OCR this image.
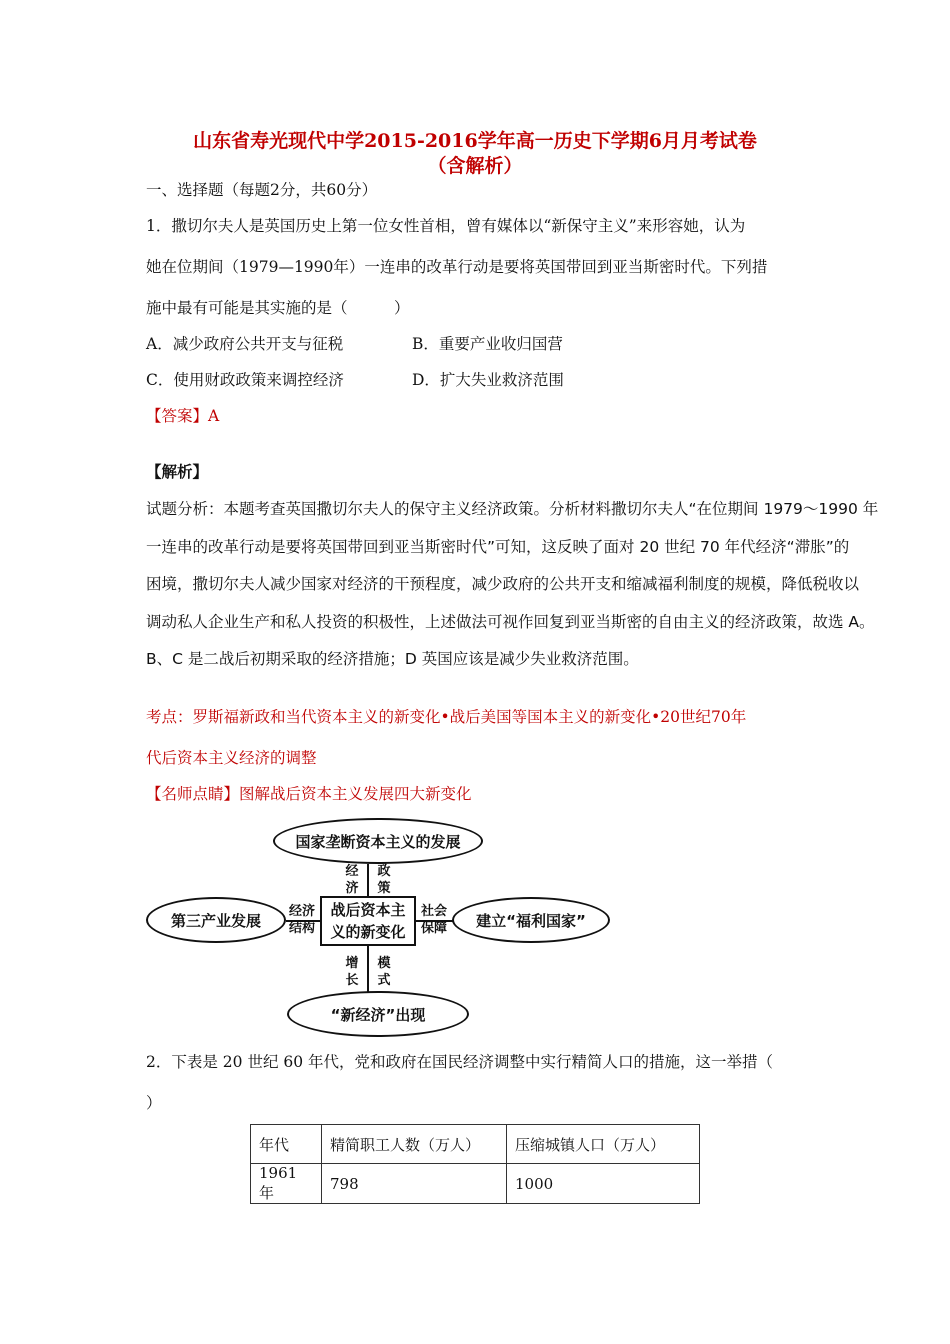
山东省寿光现代中学2015-2016学年高一历史下学期6月月考试卷
（含解析）
一、选择题（每题2分，共60分）
1．撒切尔夫人是英国历史上第一位女性首相，曾有媒体以“新保守主义”来形容她，认为
她在位期间（1979—1990年）一连串的改革行动是要将英国带回到亚当斯密时代。下列措
施中最有可能是其实施的是（　　　）
A．减少政府公共开支与征税	B．重要产业收归国营
C．使用财政政策来调控经济	D．扩大失业救济范围
【答案】A
【解析】
试题分析：本题考查英国撒切尔夫人的保守主义经济政策。分析材料撒切尔夫人“在位期间 1979～1990 年
一连串的改革行动是要将英国带回到亚当斯密时代”可知，这反映了面对 20 世纪 70 年代经济“滞胀”的
困境，撒切尔夫人减少国家对经济的干预程度，减少政府的公共开支和缩减福利制度的规模，降低税收以
调动私人企业生产和私人投资的积极性，上述做法可视作回复到亚当斯密的自由主义的经济政策，故选 A。
B、C 是二战后初期采取的经济措施；D 英国应该是减少失业救济范围。
考点：罗斯福新政和当代资本主义的新变化•战后美国等国本主义的新变化•20世纪70年
代后资本主义经济的调整
【名师点睛】图解战后资本主义发展四大新变化
国家垄断资本主义的发展
第三产业发展	建立“福利国家”
“新经济”出现
战后资本主
义的新变化
经
济
政
策
经济
结构
社会
保障
增
长
模
式
2．下表是 20 世纪 60 年代，党和政府在国民经济调整中实行精简人口的措施，这一举措（
）
年代	精简职工人数（万人）	压缩城镇人口（万人）
1961 年	798	1000
